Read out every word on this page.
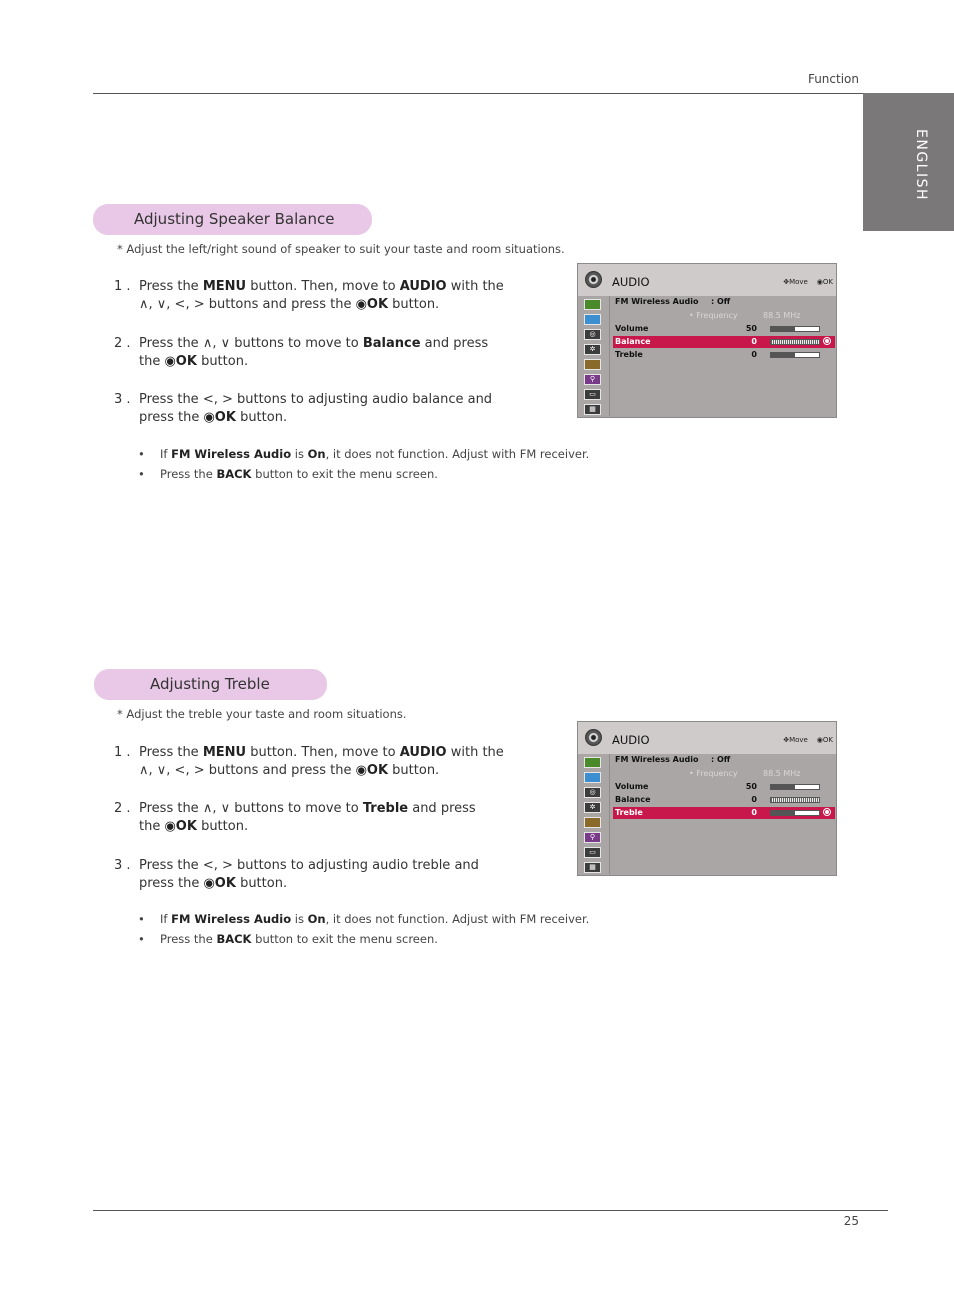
Function
ENGLISH
Adjusting Speaker Balance
* Adjust the left/right sound of speaker to suit your taste and room situations.
1 . Press the MENU button. Then, move to AUDIO with the
∧, ∨, <, > buttons and press the ◉OK button.
2 . Press the ∧, ∨ buttons to move to Balance and press
the ◉OK button.
3 . Press the <, > buttons to adjusting audio balance and
press the ◉OK button.
• If FM Wireless Audio is On, it does not function. Adjust with FM receiver.
• Press the BACK button to exit the menu screen.
AUDIO	✥Move ◉OK
◎
✲
⚲
▭
▦
FM Wireless Audio : Off
• Frequency	88.5 MHz
Volume	50
Balance	0
Treble	0
Adjusting Treble
* Adjust the treble your taste and room situations.
1 . Press the MENU button. Then, move to AUDIO with the
∧, ∨, <, > buttons and press the ◉OK button.
2 . Press the ∧, ∨ buttons to move to Treble and press
the ◉OK button.
3 . Press the <, > buttons to adjusting audio treble and
press the ◉OK button.
• If FM Wireless Audio is On, it does not function. Adjust with FM receiver.
• Press the BACK button to exit the menu screen.
AUDIO	✥Move ◉OK
◎
✲
⚲
▭
▦
FM Wireless Audio : Off
• Frequency	88.5 MHz
Volume	50
Balance	0
Treble	0
25
